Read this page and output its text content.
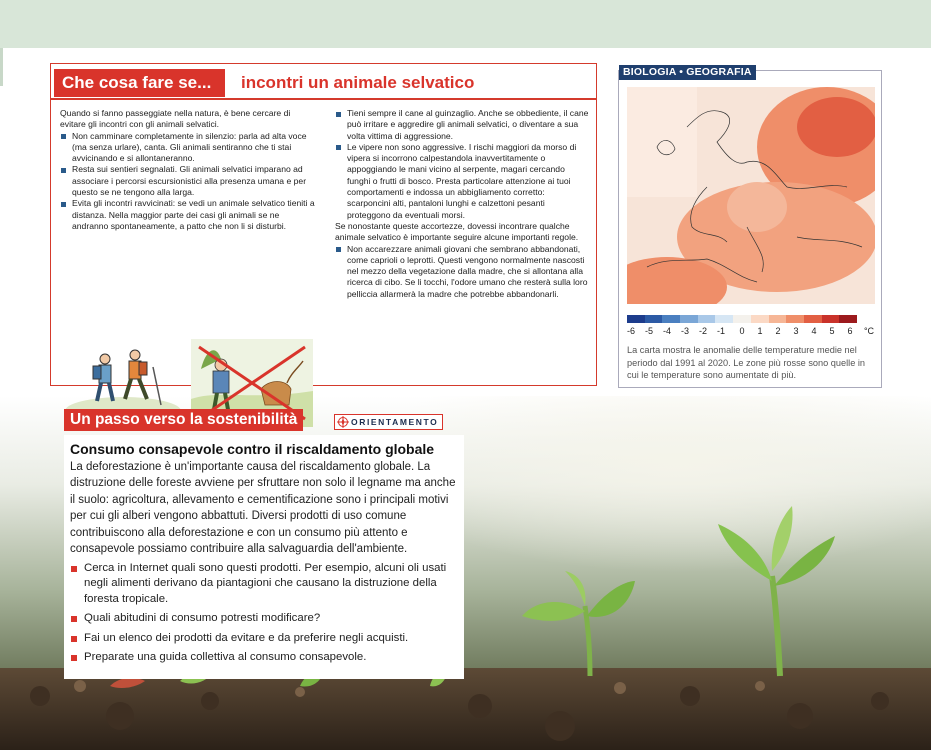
Che cosa fare se...	incontri un animale selvatico

Quando si fanno passeggiate nella natura, è bene cercare di evitare gli incontri con gli animali selvatici.

Non camminare completamente in silenzio: parla ad alta voce (ma senza urlare), canta. Gli animali sentiranno che ti stai avvicinando e si allontaneranno.
Resta sui sentieri segnalati. Gli animali selvatici imparano ad associare i percorsi escursionistici alla presenza umana e per questo se ne tengono alla larga.
Evita gli incontri ravvicinati: se vedi un animale selvatico tieniti a distanza. Nella maggior parte dei casi gli animali se ne andranno spontaneamente, a patto che non li si disturbi.
Tieni sempre il cane al guinzaglio. Anche se obbediente, il cane può irritare e aggredire gli animali selvatici, o diventare a sua volta vittima di aggressione.
Le vipere non sono aggressive. I rischi maggiori da morso di vipera si incorrono calpestandola inavvertitamente o appoggiando le mani vicino al serpente, magari cercando funghi o frutti di bosco. Presta particolare attenzione ai tuoi comportamenti e indossa un abbigliamento corretto: scarponcini alti, pantaloni lunghi e calzettoni pesanti proteggono da eventuali morsi.

Se nonostante queste accortezze, dovessi incontrare qualche animale selvatico è importante seguire alcune importanti regole.

Non accarezzare animali giovani che sembrano abbandonati, come caprioli o leprotti. Questi vengono normalmente nascosti nel mezzo della vegetazione dalla madre, che si allontana alla ricerca di cibo. Se li tocchi, l'odore umano che resterà sulla loro pelliccia allarmerà la madre che potrebbe abbandonarli.
BIOLOGIA • GEOGRAFIA
-6 -5 -4 -3 -2 -1 0 1 2 3 4 5 6 °C
La carta mostra le anomalie delle temperature medie nel periodo dal 1991 al 2020. Le zone più rosse sono quelle in cui le temperature sono aumentate di più.
Un passo verso la sostenibilità	ORIENTAMENTO
Consumo consapevole contro il riscaldamento globale
La deforestazione è un'importante causa del riscaldamento globale. La distruzione delle foreste avviene per sfruttare non solo il legname ma anche il suolo: agricoltura, allevamento e cementificazione sono i principali motivi per cui gli alberi vengono abbattuti. Diversi prodotti di uso comune contribuiscono alla deforestazione e con un consumo più attento e consapevole possiamo contribuire alla salvaguardia dell'ambiente.
Cerca in Internet quali sono questi prodotti. Per esempio, alcuni oli usati negli alimenti derivano da piantagioni che causano la distruzione della foresta tropicale.
Quali abitudini di consumo potresti modificare?
Fai un elenco dei prodotti da evitare e da preferire negli acquisti.
Preparate una guida collettiva al consumo consapevole.
